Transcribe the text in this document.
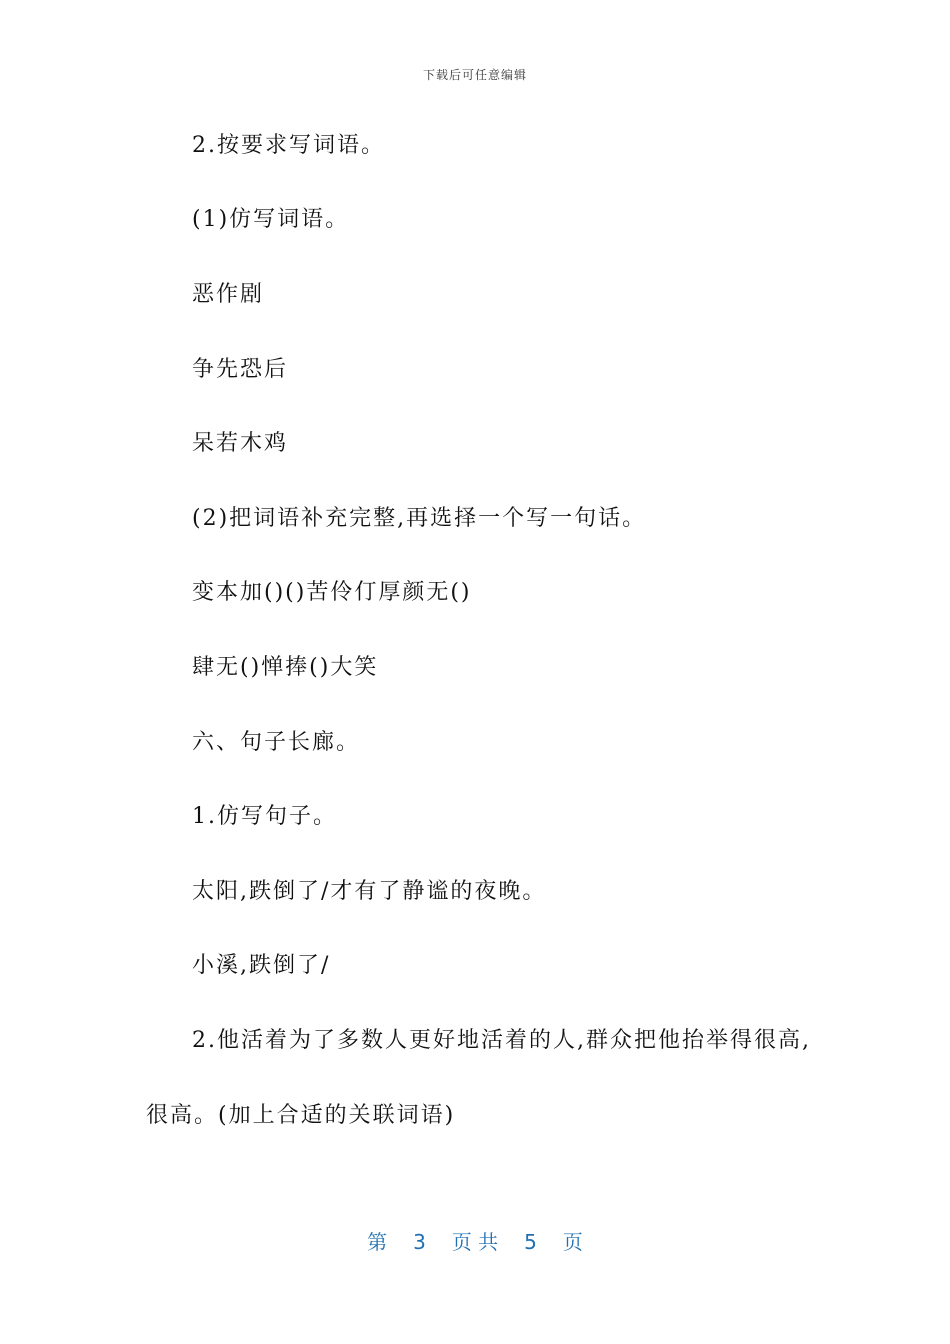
下载后可任意编辑
2.按要求写词语。
(1)仿写词语。
恶作剧
争先恐后
呆若木鸡
(2)把词语补充完整,再选择一个写一句话。
变本加()()苦伶仃厚颜无()
肆无()惮捧()大笑
六、句子长廊。
1.仿写句子。
太阳,跌倒了/才有了静谧的夜晚。
小溪,跌倒了/
2.他活着为了多数人更好地活着的人,群众把他抬举得很高,
很高。(加上合适的关联词语)
第 3 页 共 5 页
